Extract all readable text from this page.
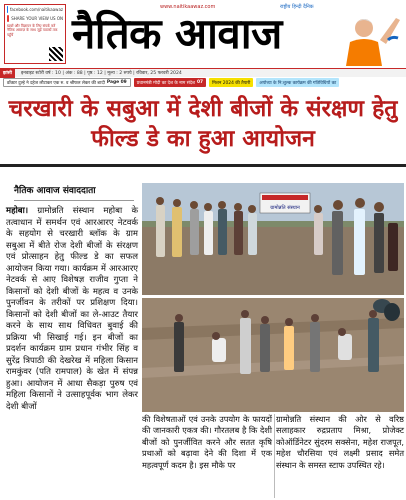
facebook.com/naitikaawaz
SHARE YOUR VIEW US ON
खबरें और विज्ञापन के लिए संपर्क करें नैतिक आवाज़ के साथ जुड़ें पाठकों तक पहुँचें
www.naitikaawaz.com	राष्ट्रीय हिन्दी दैनिक
नैतिक आवाज
झांसी	इनवाइट स्टोरी वर्ष : 10 | अंक : 88 | पृष्ठ : 12 | मूल्य : 2 रुपये | रविवार, 25 फरवरी 2024
डॉक्टर दुल्हे ने दहेज लौटाकर एक रु. व श्रीफल लेकर की शादी Page 09 प्रधानमंत्री मोदी का देश के नाम संदेश 07 मिशन 2024 की तैयारी अयोध्या के नि:शुल्क कार्यक्रम की गतिविधियों का
चरखारी के सबुआ में देशी बीजों के संरक्षण हेतु फील्ड डे का हुआ आयोजन
नैतिक आवाज संवाददाता
महोबा। ग्रामोन्नति संस्थान महोबा के तत्वाधान में समर्थन एवं आरआरए नेटवर्क के सहयोग से चरखारी ब्लॉक के ग्राम सबुआ में बीते रोज देशी बीजों के संरक्षण एवं प्रोत्साहन हेतु फील्ड डे का सफल आयोजन किया गया। कार्यक्रम में आरआरए नेटवर्क से आए विशेषज्ञ राजीव गुप्ता ने किसानों को देशी बीजों के महत्व व उनके पुनर्जीवन के तरीकों पर प्रशिक्षण दिया। किसानों को देशी बीजों का ले-आउट तैयार करने के साथ साथ विधिवत बुवाई की प्रक्रिया भी सिखाई गई। इन बीजों का प्रदर्शन कार्यक्रम ग्राम प्रधान गंभीर सिंह व सुरेंद्र त्रिपाठी की देखरेख में महिला किसान रामकुंवर (पति रामपाल) के खेत में संपन्न हुआ। आयोजन में आधा सैकड़ा पुरुष एवं महिला किसानों ने उत्साहपूर्वक भाग लेकर देशी बीजों
ग्रामोन्नति संस्थान
की विशेषताओं एवं उनके उपयोग के फायदों की जानकारी एकत्र की। गौरतलब है कि देशी बीजों को पुनर्जीवित करने और सतत कृषि प्रथाओं को बढ़ावा देने की दिशा में एक महत्वपूर्ण कदम है। इस मौके पर
ग्रामोन्नति संस्थान की ओर से वरिष्ठ सलाहकार रुद्रप्रताप मिश्रा, प्रोजेक्ट कोऑर्डिनेटर सुंदरम सक्सेना, महेश राजपूत, महेश चौरसिया एवं लक्ष्मी प्रसाद समेत संस्थान के समस्त स्टाफ उपस्थित रहे।
